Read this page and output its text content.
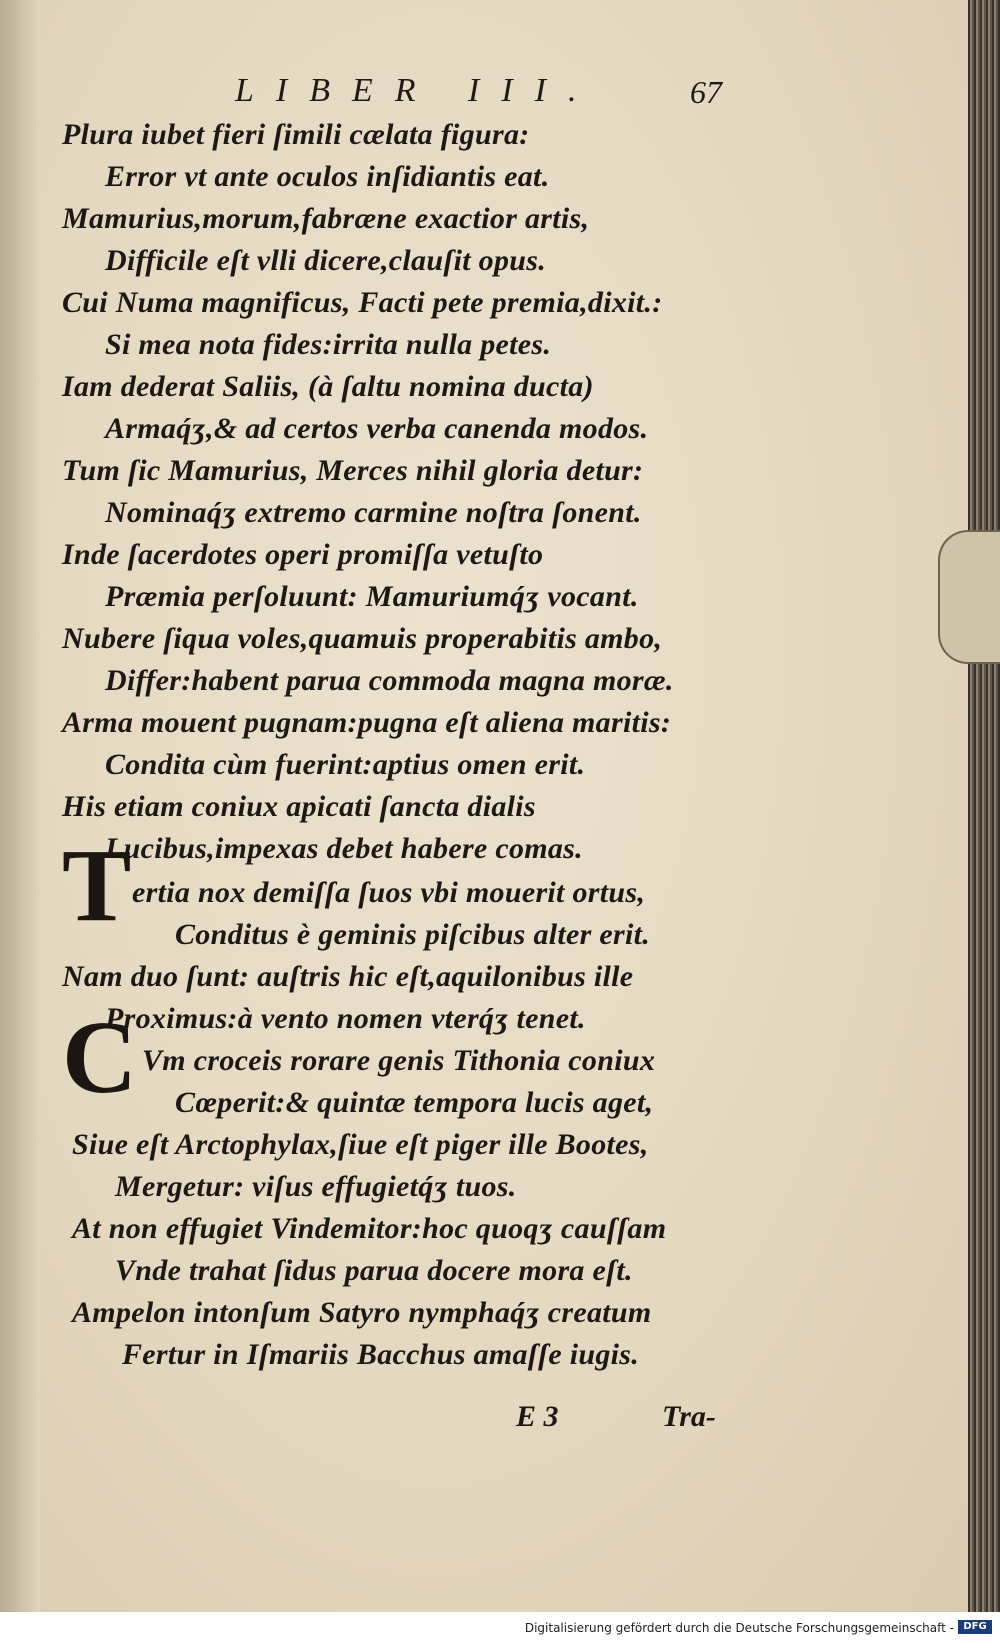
LIBER III.	67
Plura iubet fieri ſimili cælata figura:
Error vt ante oculos inſidiantis eat.
Mamurius,morum,fabræne exactior artis,
Difficile eſt vlli dicere,clauſit opus.
Cui Numa magnificus, Facti pete premia,dixit.:
Si mea nota fides:irrita nulla petes.
Iam dederat Saliis, (à ſaltu nomina ducta)
Armaq́ʒ,& ad certos verba canenda modos.
Tum ſic Mamurius, Merces nihil gloria detur:
Nominaq́ʒ extremo carmine noſtra ſonent.
Inde ſacerdotes operi promiſſa vetuſto
Præmia perſoluunt: Mamuriumq́ʒ vocant.
Nubere ſiqua voles,quamuis properabitis ambo,
Differ:habent parua commoda magna moræ.
Arma mouent pugnam:pugna eſt aliena maritis:
Condita cùm fuerint:aptius omen erit.
His etiam coniux apicati ſancta dialis
Lucibus,impexas debet habere comas.
T ertia nox demiſſa ſuos vbi mouerit ortus,
Conditus è geminis piſcibus alter erit.
Nam duo ſunt: auſtris hic eſt,aquilonibus ille
Proximus:à vento nomen vterq́ʒ tenet.
C Vm croceis rorare genis Tithonia coniux
Cœperit:& quintæ tempora lucis aget,
Siue eſt Arctophylax,ſiue eſt piger ille Bootes,
Mergetur: viſus effugietq́ʒ tuos.
At non effugiet Vindemitor:hoc quoqʒ cauſſam
Vnde trahat ſidus parua docere mora eſt.
Ampelon intonſum Satyro nymphaq́ʒ creatum
Fertur in Iſmariis Bacchus amaſſe iugis.
E 3	Tra-
Digitalisierung gefördert durch die Deutsche Forschungsgemeinschaft - DFG
